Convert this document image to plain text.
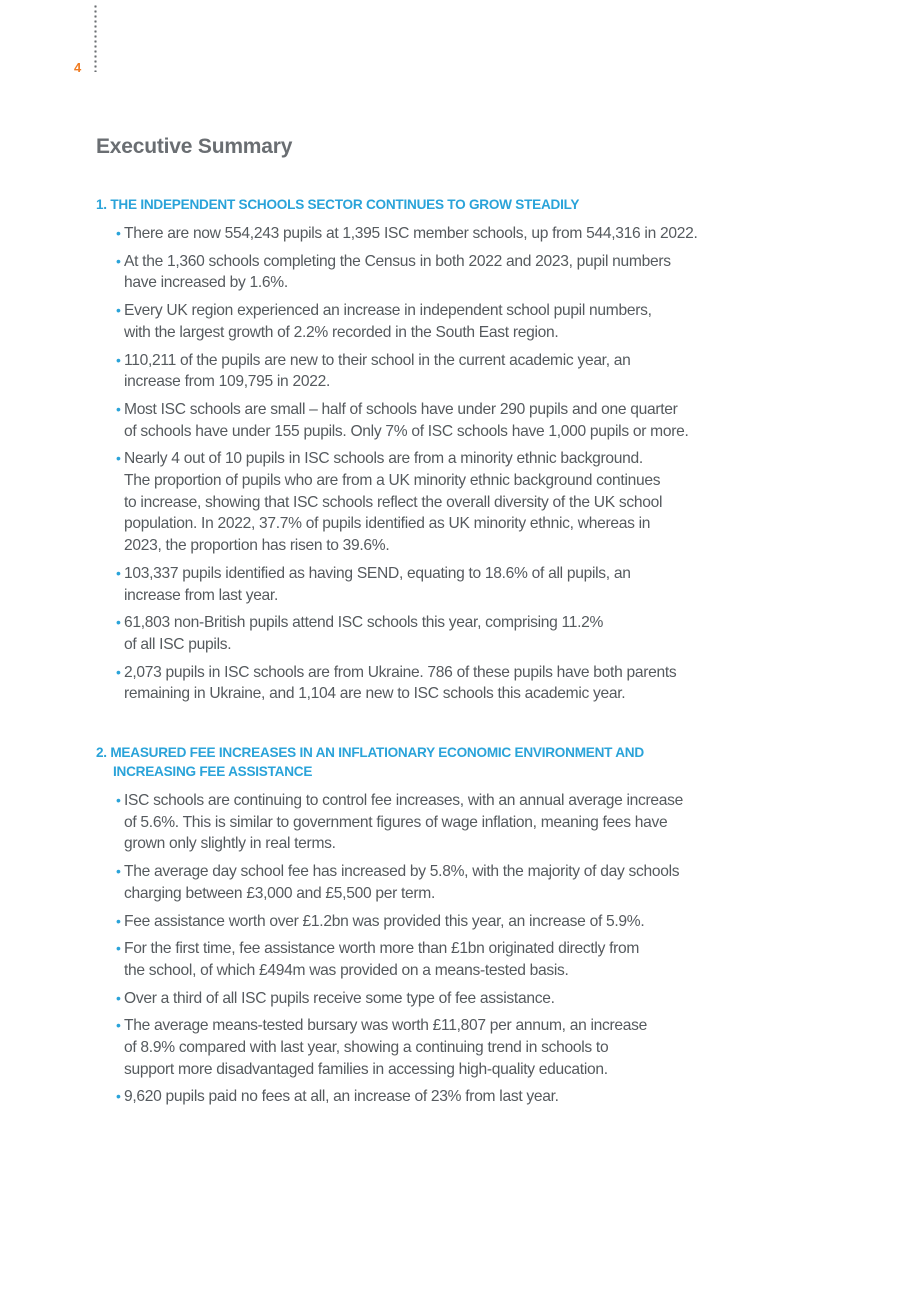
4
Executive Summary
1. THE INDEPENDENT SCHOOLS SECTOR CONTINUES TO GROW STEADILY
• There are now 554,243 pupils at 1,395 ISC member schools, up from 544,316 in 2022.
• At the 1,360 schools completing the Census in both 2022 and 2023, pupil numbers
have increased by 1.6%.
• Every UK region experienced an increase in independent school pupil numbers,
with the largest growth of 2.2% recorded in the South East region.
• 110,211 of the pupils are new to their school in the current academic year, an
increase from 109,795 in 2022.
• Most ISC schools are small – half of schools have under 290 pupils and one quarter
of schools have under 155 pupils. Only 7% of ISC schools have 1,000 pupils or more.
• Nearly 4 out of 10 pupils in ISC schools are from a minority ethnic background.
The proportion of pupils who are from a UK minority ethnic background continues
to increase, showing that ISC schools reflect the overall diversity of the UK school
population. In 2022, 37.7% of pupils identified as UK minority ethnic, whereas in
2023, the proportion has risen to 39.6%.
• 103,337 pupils identified as having SEND, equating to 18.6% of all pupils, an
increase from last year.
• 61,803 non-British pupils attend ISC schools this year, comprising 11.2%
of all ISC pupils.
• 2,073 pupils in ISC schools are from Ukraine. 786 of these pupils have both parents
remaining in Ukraine, and 1,104 are new to ISC schools this academic year.
2. MEASURED FEE INCREASES IN AN INFLATIONARY ECONOMIC ENVIRONMENT AND
INCREASING FEE ASSISTANCE
• ISC schools are continuing to control fee increases, with an annual average increase
of 5.6%. This is similar to government figures of wage inflation, meaning fees have
grown only slightly in real terms.
• The average day school fee has increased by 5.8%, with the majority of day schools
charging between £3,000 and £5,500 per term.
• Fee assistance worth over £1.2bn was provided this year, an increase of 5.9%.
• For the first time, fee assistance worth more than £1bn originated directly from
the school, of which £494m was provided on a means-tested basis.
• Over a third of all ISC pupils receive some type of fee assistance.
• The average means-tested bursary was worth £11,807 per annum, an increase
of 8.9% compared with last year, showing a continuing trend in schools to
support more disadvantaged families in accessing high-quality education.
• 9,620 pupils paid no fees at all, an increase of 23% from last year.
